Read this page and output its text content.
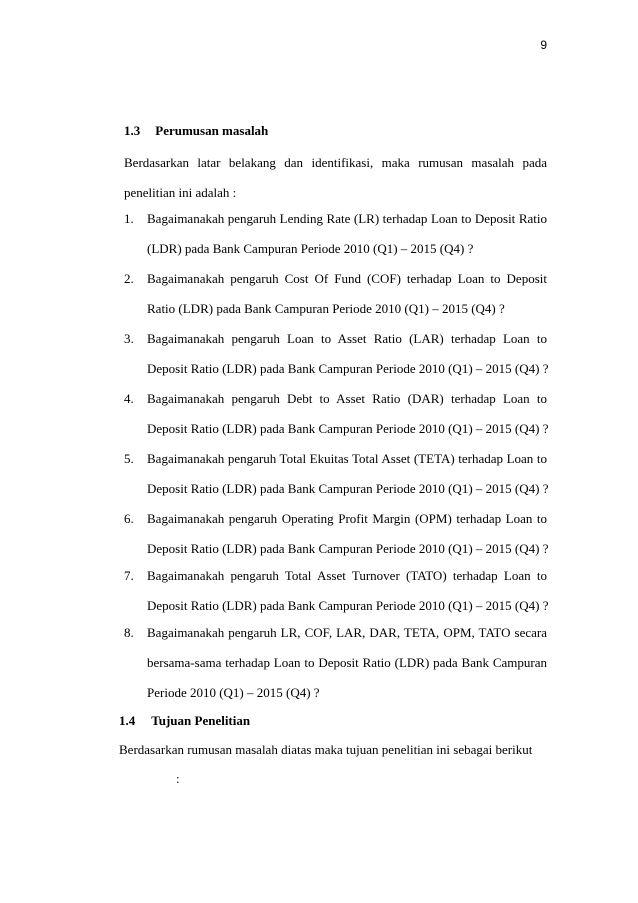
9
1.3 Perumusan masalah
Berdasarkan latar belakang dan identifikasi, maka rumusan masalah pada
penelitian ini adalah :
1.	Bagaimanakah pengaruh Lending Rate (LR) terhadap Loan to Deposit Ratio
(LDR) pada Bank Campuran Periode 2010 (Q1) – 2015 (Q4) ?
2.	Bagaimanakah pengaruh Cost Of Fund (COF) terhadap Loan to Deposit
Ratio (LDR) pada Bank Campuran Periode 2010 (Q1) – 2015 (Q4) ?
3.	Bagaimanakah pengaruh Loan to Asset Ratio (LAR) terhadap Loan to
Deposit Ratio (LDR) pada Bank Campuran Periode 2010 (Q1) – 2015 (Q4) ?
4.	Bagaimanakah pengaruh Debt to Asset Ratio (DAR) terhadap Loan to
Deposit Ratio (LDR) pada Bank Campuran Periode 2010 (Q1) – 2015 (Q4) ?
5.	Bagaimanakah pengaruh Total Ekuitas Total Asset (TETA) terhadap Loan to
Deposit Ratio (LDR) pada Bank Campuran Periode 2010 (Q1) – 2015 (Q4) ?
6.	Bagaimanakah pengaruh Operating Profit Margin (OPM) terhadap Loan to
Deposit Ratio (LDR) pada Bank Campuran Periode 2010 (Q1) – 2015 (Q4) ?
7.	Bagaimanakah pengaruh Total Asset Turnover (TATO) terhadap Loan to
Deposit Ratio (LDR) pada Bank Campuran Periode 2010 (Q1) – 2015 (Q4) ?
8.	Bagaimanakah pengaruh LR, COF, LAR, DAR, TETA, OPM, TATO secara
bersama-sama terhadap Loan to Deposit Ratio (LDR) pada Bank Campuran
Periode 2010 (Q1) – 2015 (Q4) ?
1.4 Tujuan Penelitian
Berdasarkan rumusan masalah diatas maka tujuan penelitian ini sebagai berikut
:
